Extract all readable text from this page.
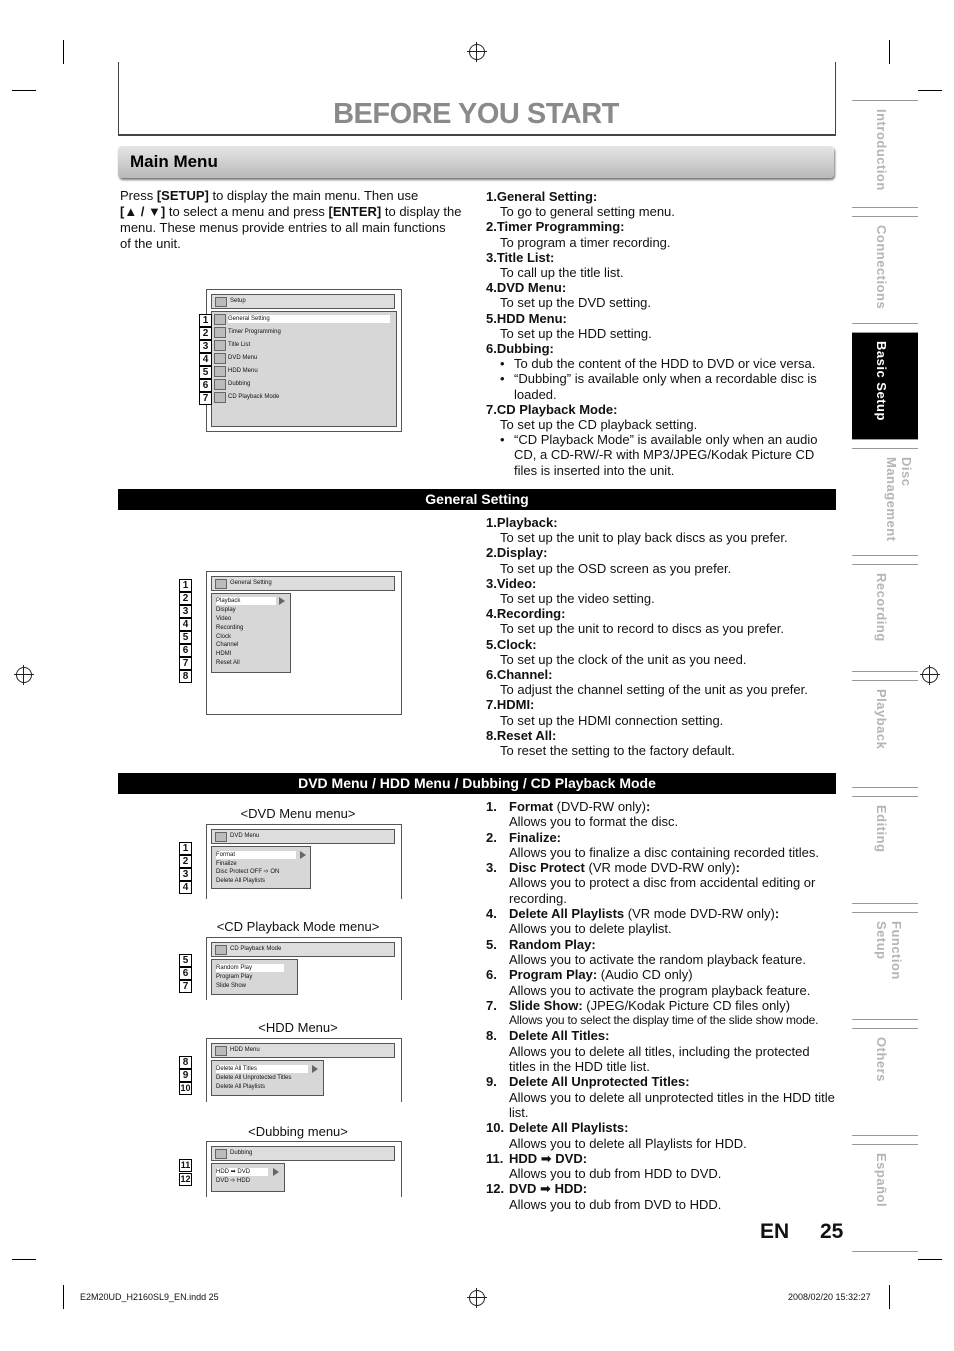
BEFORE YOU START	Introduction
Connections
Basic Setup
Disc Management
Recording
Playback
Editing
Function Setup
Others
Español
Main Menu
Press [SETUP] to display the main menu. Then use
[▲ / ▼] to select a menu and press [ENTER] to display the
menu. These menus provide entries to all main functions
of the unit.
Setup
General Setting
Timer Programming
Title List
DVD Menu
HDD Menu
Dubbing
CD Playback Mode
1
2
3
4
5
6
7
1.General Setting:
To go to general setting menu.
2.Timer Programming:
To program a timer recording.
3.Title List:
To call up the title list.
4.DVD Menu:
To set up the DVD setting.
5.HDD Menu:
To set up the HDD setting.
6.Dubbing:
• To dub the content of the HDD to DVD or vice versa.
• “Dubbing” is available only when a recordable disc is loaded.
7.CD Playback Mode:
To set up the CD playback setting.
• “CD Playback Mode” is available only when an audio CD, a CD-RW/-R with MP3/JPEG/Kodak Picture CD files is inserted into the unit.
General Setting
General Setting
Playback
Display
Video
Recording
Clock
Channel
HDMI
Reset All
1
2
3
4
5
6
7
8
1.Playback:
To set up the unit to play back discs as you prefer.
2.Display:
To set up the OSD screen as you prefer.
3.Video:
To set up the video setting.
4.Recording:
To set up the unit to record to discs as you prefer.
5.Clock:
To set up the clock of the unit as you need.
6.Channel:
To adjust the channel setting of the unit as you prefer.
7.HDMI:
To set up the HDMI connection setting.
8.Reset All:
To reset the setting to the factory default.
DVD Menu / HDD Menu / Dubbing / CD Playback Mode
<DVD Menu menu>
DVD Menu
Format
Finalize
Disc Protect OFF ➩ ON
Delete All Playlists
1
2
3
4
<CD Playback Mode menu>
CD Playback Mode
Random Play
Program Play
Slide Show
5
6
7
<HDD Menu>
HDD Menu
Delete All Titles
Delete All Unprotected Titles
Delete All Playlists
8
9
10
<Dubbing menu>
Dubbing
HDD ➡ DVD
DVD ➩ HDD
11
12
1. Format (DVD-RW only):
Allows you to format the disc.
2. Finalize:
Allows you to finalize a disc containing recorded titles.
3. Disc Protect (VR mode DVD-RW only):
Allows you to protect a disc from accidental editing or recording.
4. Delete All Playlists (VR mode DVD-RW only):
Allows you to delete playlist.
5. Random Play:
Allows you to activate the random playback feature.
6. Program Play: (Audio CD only)
Allows you to activate the program playback feature.
7. Slide Show: (JPEG/Kodak Picture CD files only)
Allows you to select the display time of the slide show mode.
8. Delete All Titles:
Allows you to delete all titles, including the protected titles in the HDD title list.
9. Delete All Unprotected Titles:
Allows you to delete all unprotected titles in the HDD title list.
10. Delete All Playlists:
Allows you to delete all Playlists for HDD.
11. HDD ➡ DVD:
Allows you to dub from HDD to DVD.
12. DVD ➡ HDD:
Allows you to dub from DVD to HDD.
EN 25
E2M20UD_H2160SL9_EN.indd 25	2008/02/20 15:32:27
